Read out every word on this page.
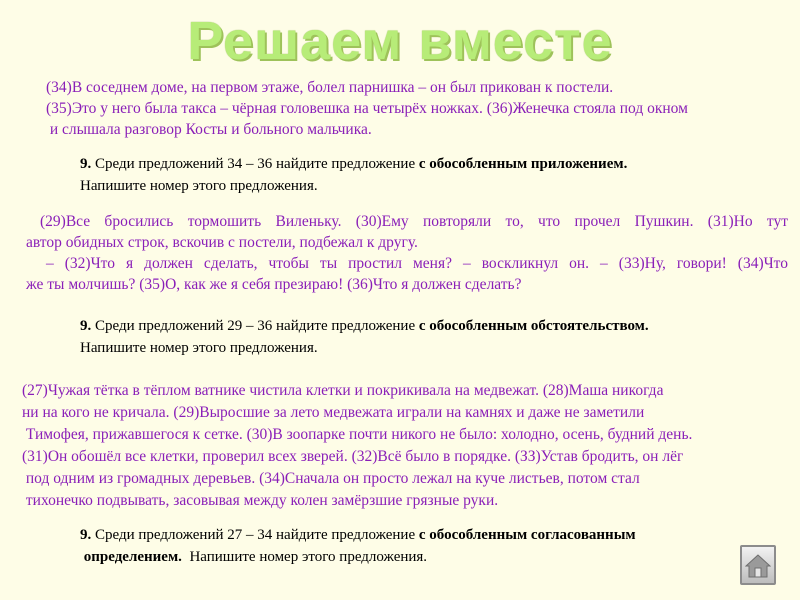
Решаем вместе

(34)В соседнем доме, на первом этаже, болел парнишка – он был прикован к постели.

(35)Это у него была такса – чёрная головешка на четырёх ножках. (36)Женечка стояла под окном

и слышала разговор Косты и больного мальчика.

9. Среди предложений 34 – 36 найдите предложение с обособленным приложением.

Напишите номер этого предложения.

(29)Все бросились тормошить Виленьку. (30)Ему повторяли то, что прочел Пушкин. (31)Но тут
автор обидных строк, вскочив с постели, подбежал к другу.
– (32)Что я должен сделать, чтобы ты простил меня? – воскликнул он. – (33)Ну, говори! (34)Что
же ты молчишь? (35)О, как же я себя презираю! (36)Что я должен сделать?

9. Среди предложений 29 – 36 найдите предложение с обособленным обстоятельством.

Напишите номер этого предложения.

(27)Чужая тётка в тёплом ватнике чистила клетки и покрикивала на медвежат. (28)Маша никогда

ни на кого не кричала. (29)Выросшие за лето медвежата играли на камнях и даже не заметили

Тимофея, прижавшегося к сетке. (30)В зоопарке почти никого не было: холодно, осень, будний день.

(31)Он обошёл все клетки, проверил всех зверей. (32)Всё было в порядке. (ЗЗ)Устав бродить, он лёг

под одним из громадных деревьев. (34)Сначала он просто лежал на куче листьев, потом стал

тихонечко подвывать, засовывая между колен замёрзшие грязные руки.

9. Среди предложений 27 – 34 найдите предложение с обособленным согласованным

определением.  Напишите номер этого предложения.
